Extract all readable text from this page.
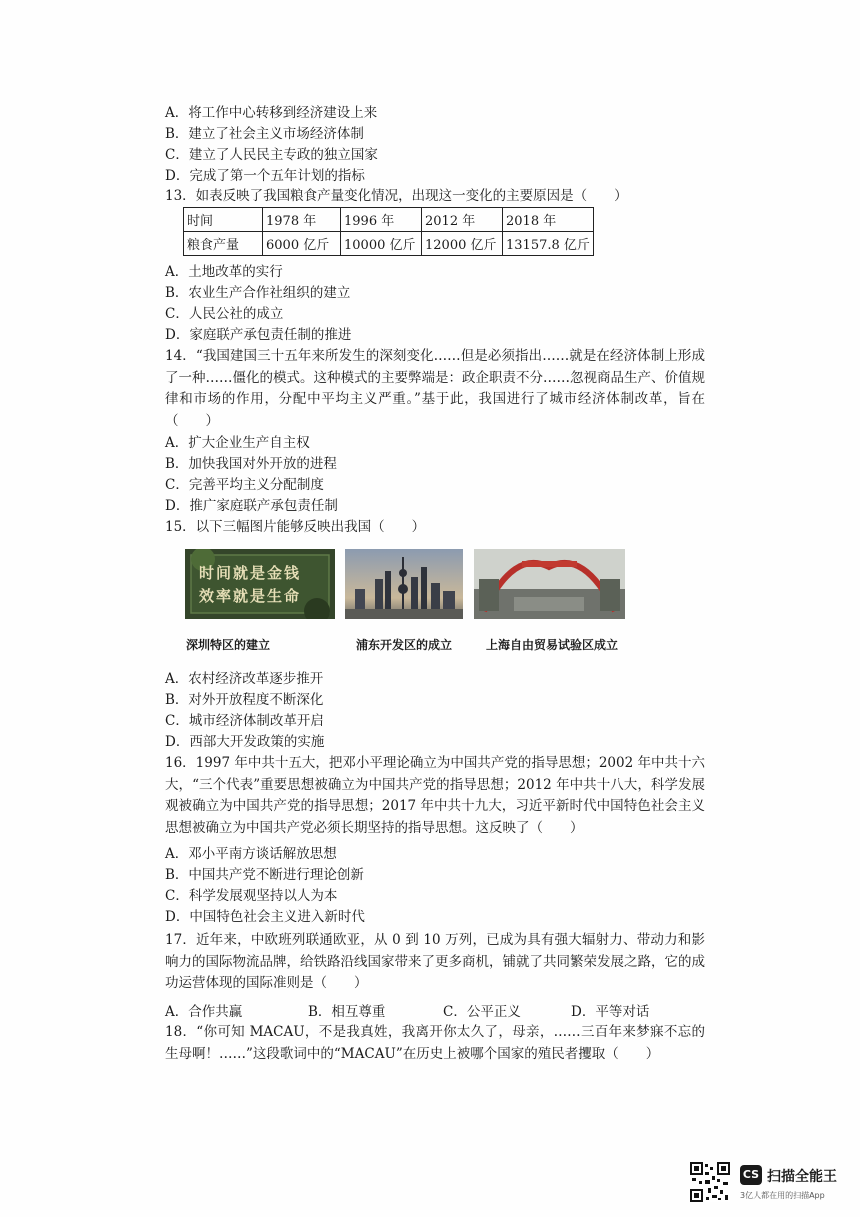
A．将工作中心转移到经济建设上来
B．建立了社会主义市场经济体制
C．建立了人民民主专政的独立国家
D．完成了第一个五年计划的指标
13．如表反映了我国粮食产量变化情况，出现这一变化的主要原因是（　　）
时间	1978 年	1996 年	2012 年	2018 年
粮食产量	6000 亿斤	10000 亿斤	12000 亿斤	13157.8 亿斤
A．土地改革的实行
B．农业生产合作社组织的建立
C．人民公社的成立
D．家庭联产承包责任制的推进
14．“我国建国三十五年来所发生的深刻变化……但是必须指出……就是在经济体制上形成了一种……僵化的模式。这种模式的主要弊端是：政企职责不分……忽视商品生产、价值规律和市场的作用，分配中平均主义严重。”基于此，我国进行了城市经济体制改革，旨在（　　）
A．扩大企业生产自主权
B．加快我国对外开放的进程
C．完善平均主义分配制度
D．推广家庭联产承包责任制
15．以下三幅图片能够反映出我国（　　）
时间就是金钱
效率就是生命
深圳特区的建立	浦东开发区的成立	上海自由贸易试验区成立
A．农村经济改革逐步推开
B．对外开放程度不断深化
C．城市经济体制改革开启
D．西部大开发政策的实施
16．1997 年中共十五大，把邓小平理论确立为中国共产党的指导思想；2002 年中共十六大，“三个代表”重要思想被确立为中国共产党的指导思想；2012 年中共十八大，科学发展观被确立为中国共产党的指导思想；2017 年中共十九大，习近平新时代中国特色社会主义思想被确立为中国共产党必须长期坚持的指导思想。这反映了（　　）
A．邓小平南方谈话解放思想
B．中国共产党不断进行理论创新
C．科学发展观坚持以人为本
D．中国特色社会主义进入新时代
17．近年来，中欧班列联通欧亚，从 0 到 10 万列，已成为具有强大辐射力、带动力和影响力的国际物流品牌，给铁路沿线国家带来了更多商机，铺就了共同繁荣发展之路，它的成功运营体现的国际准则是（　　）
A．合作共赢	B．相互尊重	C．公平正义	D．平等对话
18．“你可知 MACAU，不是我真姓，我离开你太久了，母亲，……三百年来梦寐不忘的生母啊！……”这段歌词中的“MACAU”在历史上被哪个国家的殖民者攫取（　　）
CS 扫描全能王
3亿人都在用的扫描App
